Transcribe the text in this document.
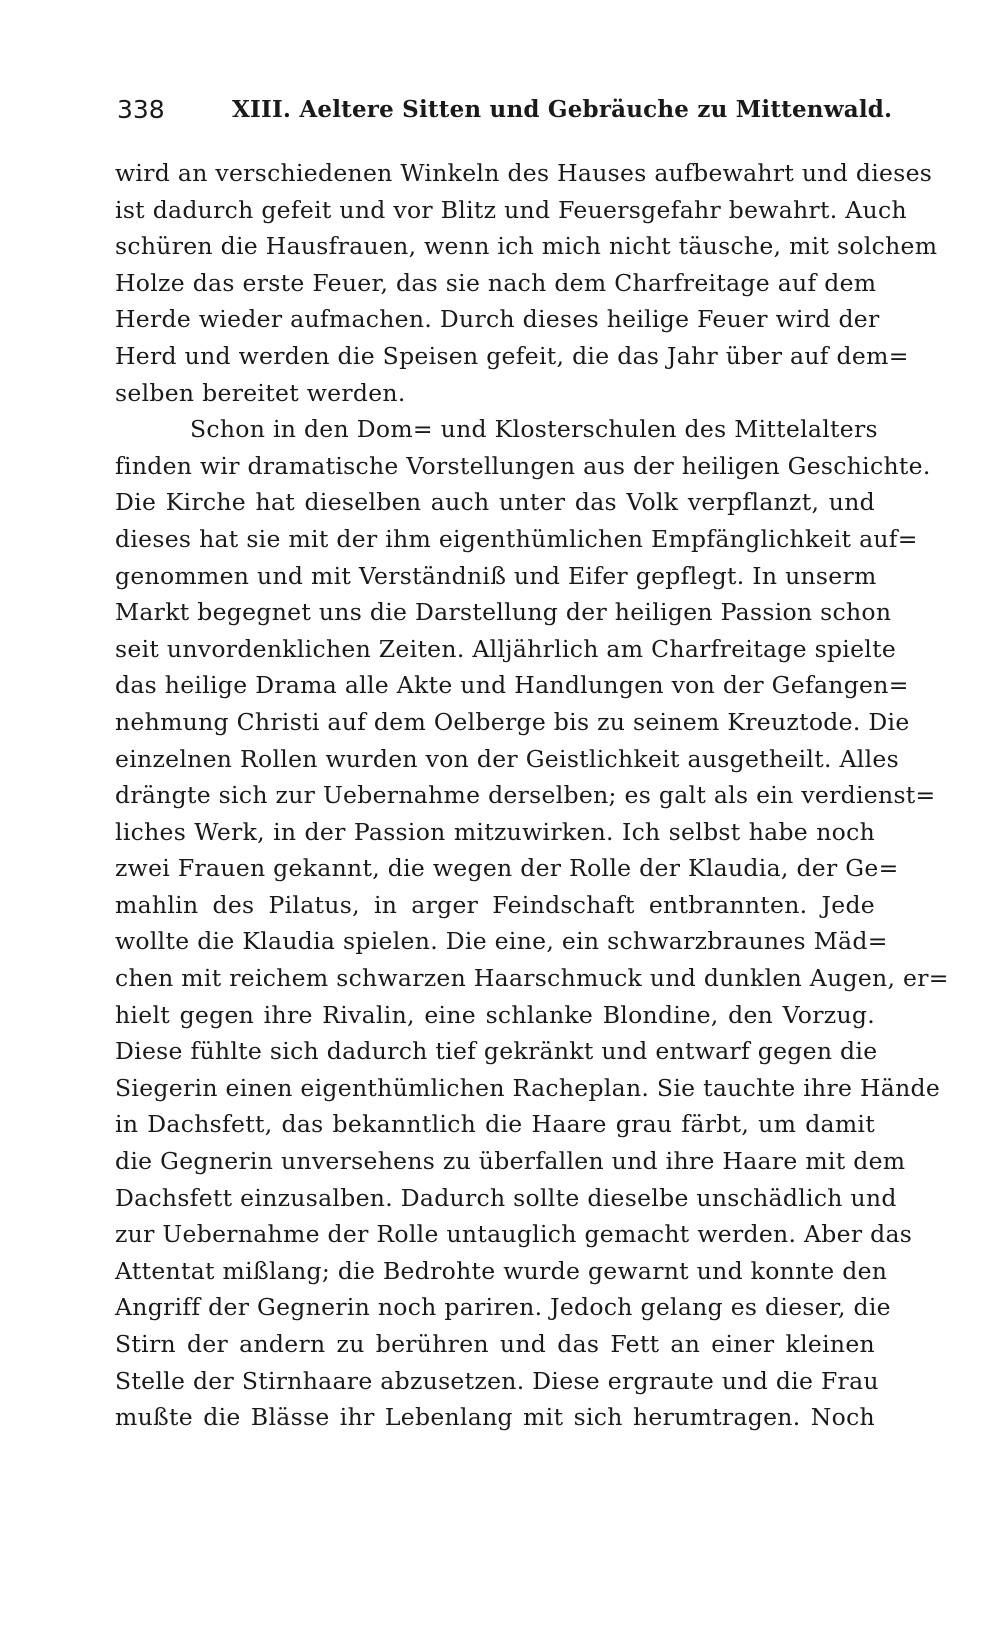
338	XIII. Aeltere Sitten und Gebräuche zu Mittenwald.
wird an verschiedenen Winkeln des Hauses aufbewahrt und dieses
ist dadurch gefeit und vor Blitz und Feuersgefahr bewahrt. Auch
schüren die Hausfrauen, wenn ich mich nicht täusche, mit solchem
Holze das erste Feuer, das sie nach dem Charfreitage auf dem
Herde wieder aufmachen. Durch dieses heilige Feuer wird der
Herd und werden die Speisen gefeit, die das Jahr über auf dem=
selben bereitet werden.
Schon in den Dom= und Klosterschulen des Mittelalters
finden wir dramatische Vorstellungen aus der heiligen Geschichte.
Die Kirche hat dieselben auch unter das Volk verpflanzt, und
dieses hat sie mit der ihm eigenthümlichen Empfänglichkeit auf=
genommen und mit Verständniß und Eifer gepflegt. In unserm
Markt begegnet uns die Darstellung der heiligen Passion schon
seit unvordenklichen Zeiten. Alljährlich am Charfreitage spielte
das heilige Drama alle Akte und Handlungen von der Gefangen=
nehmung Christi auf dem Oelberge bis zu seinem Kreuztode. Die
einzelnen Rollen wurden von der Geistlichkeit ausgetheilt. Alles
drängte sich zur Uebernahme derselben; es galt als ein verdienst=
liches Werk, in der Passion mitzuwirken. Ich selbst habe noch
zwei Frauen gekannt, die wegen der Rolle der Klaudia, der Ge=
mahlin des Pilatus, in arger Feindschaft entbrannten. Jede
wollte die Klaudia spielen. Die eine, ein schwarzbraunes Mäd=
chen mit reichem schwarzen Haarschmuck und dunklen Augen, er=
hielt gegen ihre Rivalin, eine schlanke Blondine, den Vorzug.
Diese fühlte sich dadurch tief gekränkt und entwarf gegen die
Siegerin einen eigenthümlichen Racheplan. Sie tauchte ihre Hände
in Dachsfett, das bekanntlich die Haare grau färbt, um damit
die Gegnerin unversehens zu überfallen und ihre Haare mit dem
Dachsfett einzusalben. Dadurch sollte dieselbe unschädlich und
zur Uebernahme der Rolle untauglich gemacht werden. Aber das
Attentat mißlang; die Bedrohte wurde gewarnt und konnte den
Angriff der Gegnerin noch pariren. Jedoch gelang es dieser, die
Stirn der andern zu berühren und das Fett an einer kleinen
Stelle der Stirnhaare abzusetzen. Diese ergraute und die Frau
mußte die Blässe ihr Lebenlang mit sich herumtragen. Noch
